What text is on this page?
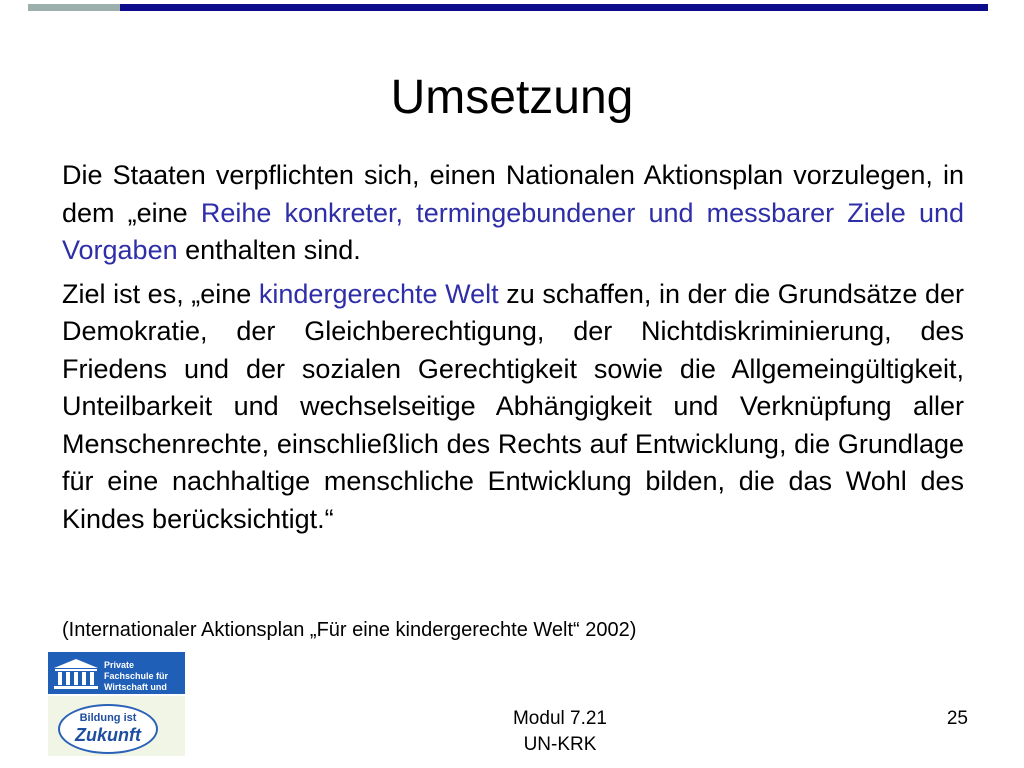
Umsetzung

Die Staaten verpflichten sich, einen Nationalen Aktionsplan vorzulegen, in dem „eine Reihe konkreter, termingebundener und messbarer Ziele und Vorgaben enthalten sind.

Ziel ist es, „eine kindergerechte Welt zu schaffen, in der die Grundsätze der Demokratie, der Gleichberechtigung, der Nichtdiskriminierung, des Friedens und der sozialen Gerechtigkeit sowie die Allgemeingültigkeit, Unteilbarkeit und wechselseitige Abhängigkeit und Verknüpfung aller Menschenrechte, einschließlich des Rechts auf Entwicklung, die Grundlage für eine nachhaltige menschliche Entwicklung bilden, die das Wohl des Kindes berücksichtigt.“

(Internationaler Aktionsplan „Für eine kindergerechte Welt“ 2002)
Private Fachschule für
Wirtschaft und
Bildung ist
Zukunft
Modul 7.21
UN-KRK
25
